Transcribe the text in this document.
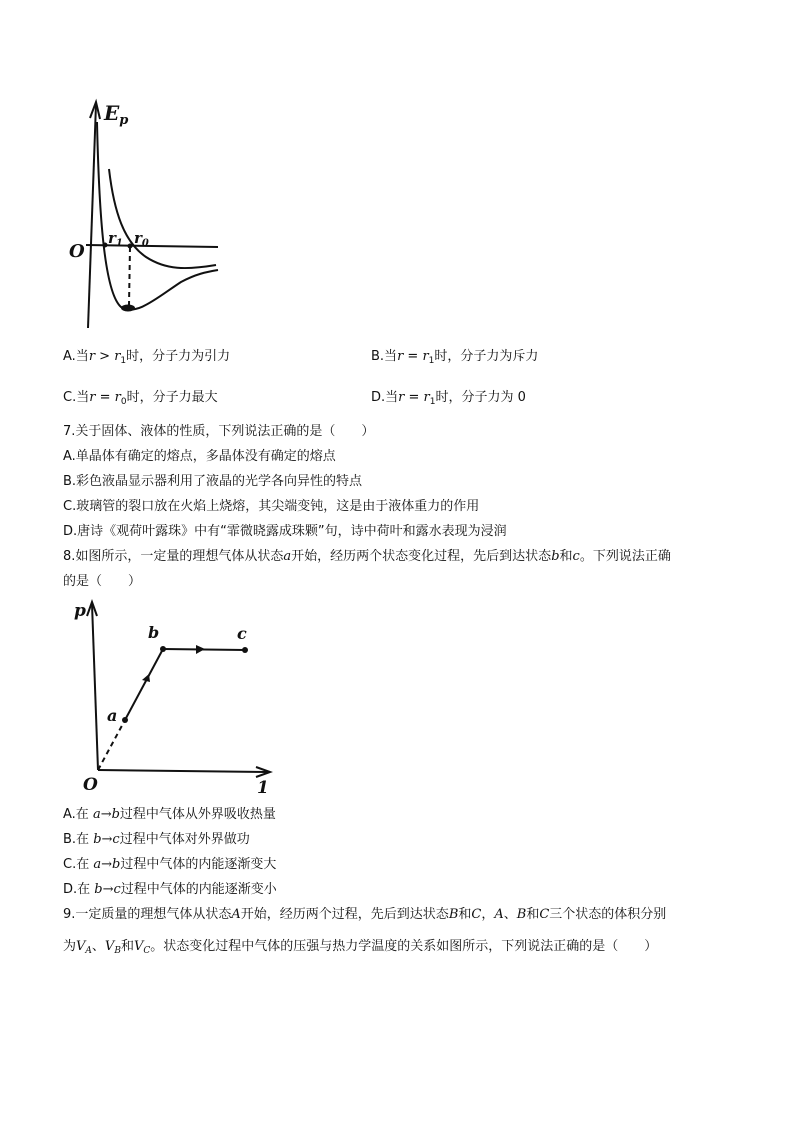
$E_p$
O
$r_1$ $r_0$
A.当$r > r_1$时，分子力为引力	B.当$r = r_1$时，分子力为斥力
C.当$r = r_0$时，分子力最大	D.当$r = r_1$时，分子力为 0
7.关于固体、液体的性质，下列说法正确的是（　　）
A.单晶体有确定的熔点，多晶体没有确定的熔点
B.彩色液晶显示器利用了液晶的光学各向异性的特点
C.玻璃管的裂口放在火焰上烧熔，其尖端变钝，这是由于液体重力的作用
D.唐诗《观荷叶露珠》中有“霏微晓露成珠颗”句，诗中荷叶和露水表现为浸润
8.如图所示，一定量的理想气体从状态a开始，经历两个状态变化过程，先后到达状态b和c。下列说法正确
的是（　　）
p
O	1
a
b	c
A.在 a→b过程中气体从外界吸收热量
B.在 b→c过程中气体对外界做功
C.在 a→b过程中气体的内能逐渐变大
D.在 b→c过程中气体的内能逐渐变小
9.一定质量的理想气体从状态A开始，经历两个过程，先后到达状态B和C，A、B和C三个状态的体积分别
为$V_A$、$V_B$和$V_C$。状态变化过程中气体的压强与热力学温度的关系如图所示，下列说法正确的是（　　）
